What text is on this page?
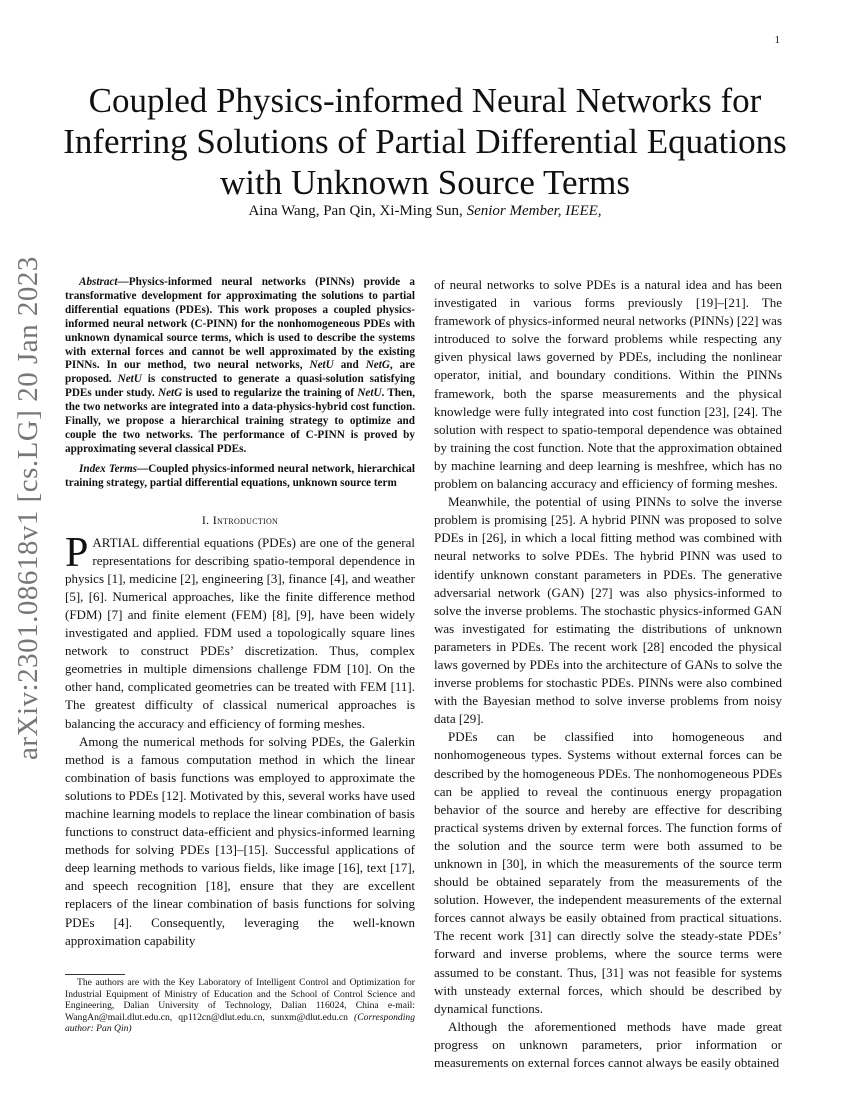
1
arXiv:2301.08618v1 [cs.LG] 20 Jan 2023
Coupled Physics-informed Neural Networks for
Inferring Solutions of Partial Differential Equations
with Unknown Source Terms
Aina Wang, Pan Qin, Xi-Ming Sun, Senior Member, IEEE,

Abstract—Physics-informed neural networks (PINNs) provide a transformative development for approximating the solutions to partial differential equations (PDEs). This work proposes a coupled physics-informed neural network (C-PINN) for the nonhomogeneous PDEs with unknown dynamical source terms, which is used to describe the systems with external forces and cannot be well approximated by the existing PINNs. In our method, two neural networks, NetU and NetG, are proposed. NetU is constructed to generate a quasi-solution satisfying PDEs under study. NetG is used to regularize the training of NetU. Then, the two networks are integrated into a data-physics-hybrid cost function. Finally, we propose a hierarchical training strategy to optimize and couple the two networks. The performance of C-PINN is proved by approximating several classical PDEs.

Index Terms—Coupled physics-informed neural network, hierarchical training strategy, partial differential equations, unknown source term

I. Introduction

PARTIAL differential equations (PDEs) are one of the general representations for describing spatio-temporal dependence in physics [1], medicine [2], engineering [3], finance [4], and weather [5], [6]. Numerical approaches, like the finite difference method (FDM) [7] and finite element (FEM) [8], [9], have been widely investigated and applied. FDM used a topologically square lines network to construct PDEs’ discretization. Thus, complex geometries in multiple dimensions challenge FDM [10]. On the other hand, complicated geometries can be treated with FEM [11]. The greatest difficulty of classical numerical approaches is balancing the accuracy and efficiency of forming meshes.

Among the numerical methods for solving PDEs, the Galerkin method is a famous computation method in which the linear combination of basis functions was employed to approximate the solutions to PDEs [12]. Motivated by this, several works have used machine learning models to replace the linear combination of basis functions to construct data-efficient and physics-informed learning methods for solving PDEs [13]–[15]. Successful applications of deep learning methods to various fields, like image [16], text [17], and speech recognition [18], ensure that they are excellent replacers of the linear combination of basis functions for solving PDEs [4]. Consequently, leveraging the well-known approximation capability

The authors are with the Key Laboratory of Intelligent Control and Optimization for Industrial Equipment of Ministry of Education and the School of Control Science and Engineering, Dalian University of Technology, Dalian 116024, China e-mail: WangAn@mail.dlut.edu.cn, qp112cn@dlut.edu.cn, sunxm@dlut.edu.cn (Corresponding author: Pan Qin)

of neural networks to solve PDEs is a natural idea and has been investigated in various forms previously [19]–[21]. The framework of physics-informed neural networks (PINNs) [22] was introduced to solve the forward problems while respecting any given physical laws governed by PDEs, including the nonlinear operator, initial, and boundary conditions. Within the PINNs framework, both the sparse measurements and the physical knowledge were fully integrated into cost function [23], [24]. The solution with respect to spatio-temporal dependence was obtained by training the cost function. Note that the approximation obtained by machine learning and deep learning is meshfree, which has no problem on balancing accuracy and efficiency of forming meshes.

Meanwhile, the potential of using PINNs to solve the inverse problem is promising [25]. A hybrid PINN was proposed to solve PDEs in [26], in which a local fitting method was combined with neural networks to solve PDEs. The hybrid PINN was used to identify unknown constant parameters in PDEs. The generative adversarial network (GAN) [27] was also physics-informed to solve the inverse problems. The stochastic physics-informed GAN was investigated for estimating the distributions of unknown parameters in PDEs. The recent work [28] encoded the physical laws governed by PDEs into the architecture of GANs to solve the inverse problems for stochastic PDEs. PINNs were also combined with the Bayesian method to solve inverse problems from noisy data [29].

PDEs can be classified into homogeneous and nonhomogeneous types. Systems without external forces can be described by the homogeneous PDEs. The nonhomogeneous PDEs can be applied to reveal the continuous energy propagation behavior of the source and hereby are effective for describing practical systems driven by external forces. The function forms of the solution and the source term were both assumed to be unknown in [30], in which the measurements of the source term should be obtained separately from the measurements of the solution. However, the independent measurements of the external forces cannot always be easily obtained from practical situations. The recent work [31] can directly solve the steady-state PDEs’ forward and inverse problems, where the source terms were assumed to be constant. Thus, [31] was not feasible for systems with unsteady external forces, which should be described by dynamical functions.

Although the aforementioned methods have made great progress on unknown parameters, prior information or measurements on external forces cannot always be easily obtained
